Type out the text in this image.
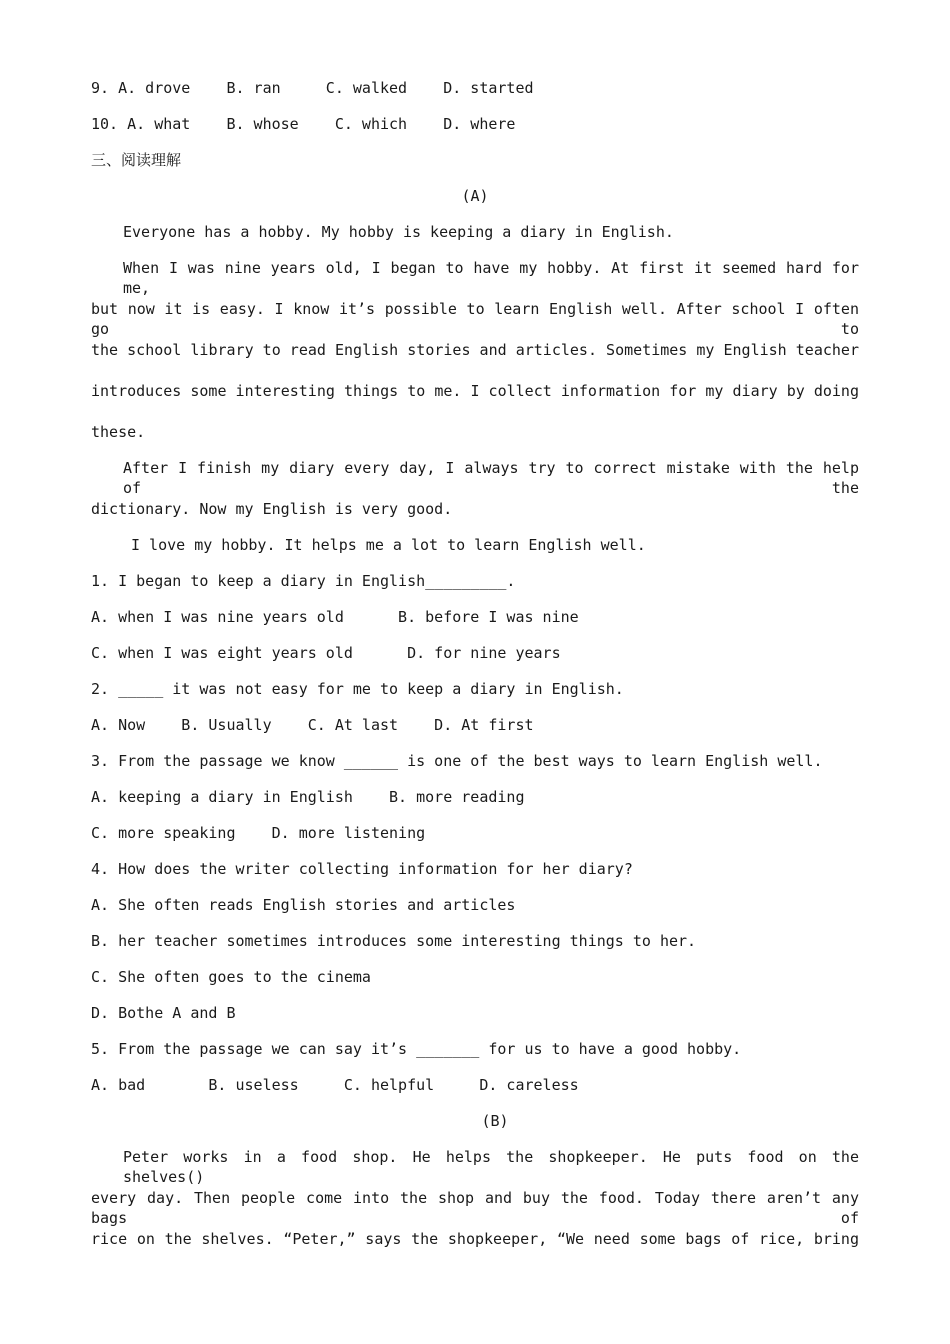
9. A. drove    B. ran     C. walked    D. started
10. A. what    B. whose    C. which    D. where
三、阅读理解
(A)
Everyone has a hobby. My hobby is keeping a diary in English.
When I was nine years old, I began to have my hobby. At first it seemed hard for me,
but now it is easy. I know it’s possible to learn English well. After school I often go to
the school library to read English stories and articles. Sometimes my English teacher
introduces some interesting things to me. I collect information for my diary by doing
these.
After I finish my diary every day, I always try to correct mistake with the help of the
dictionary. Now my English is very good.
I love my hobby. It helps me a lot to learn English well.
1. I began to keep a diary in English_________.
A. when I was nine years old      B. before I was nine
C. when I was eight years old      D. for nine years
2. _____ it was not easy for me to keep a diary in English.
A. Now    B. Usually    C. At last    D. At first
3. From the passage we know ______ is one of the best ways to learn English well.
A. keeping a diary in English    B. more reading
C. more speaking    D. more listening
4. How does the writer collecting information for her diary?
A. She often reads English stories and articles
B. her teacher sometimes introduces some interesting things to her.
C. She often goes to the cinema
D. Bothe A and B
5. From the passage we can say it’s _______ for us to have a good hobby.
A. bad       B. useless     C. helpful     D. careless
(B)
Peter works in a food shop. He helps the shopkeeper. He puts food on the shelves()
every day. Then people come into the shop and buy the food. Today there aren’t any bags of
rice on the shelves. “Peter,” says the shopkeeper, “We need some bags of rice, bring
